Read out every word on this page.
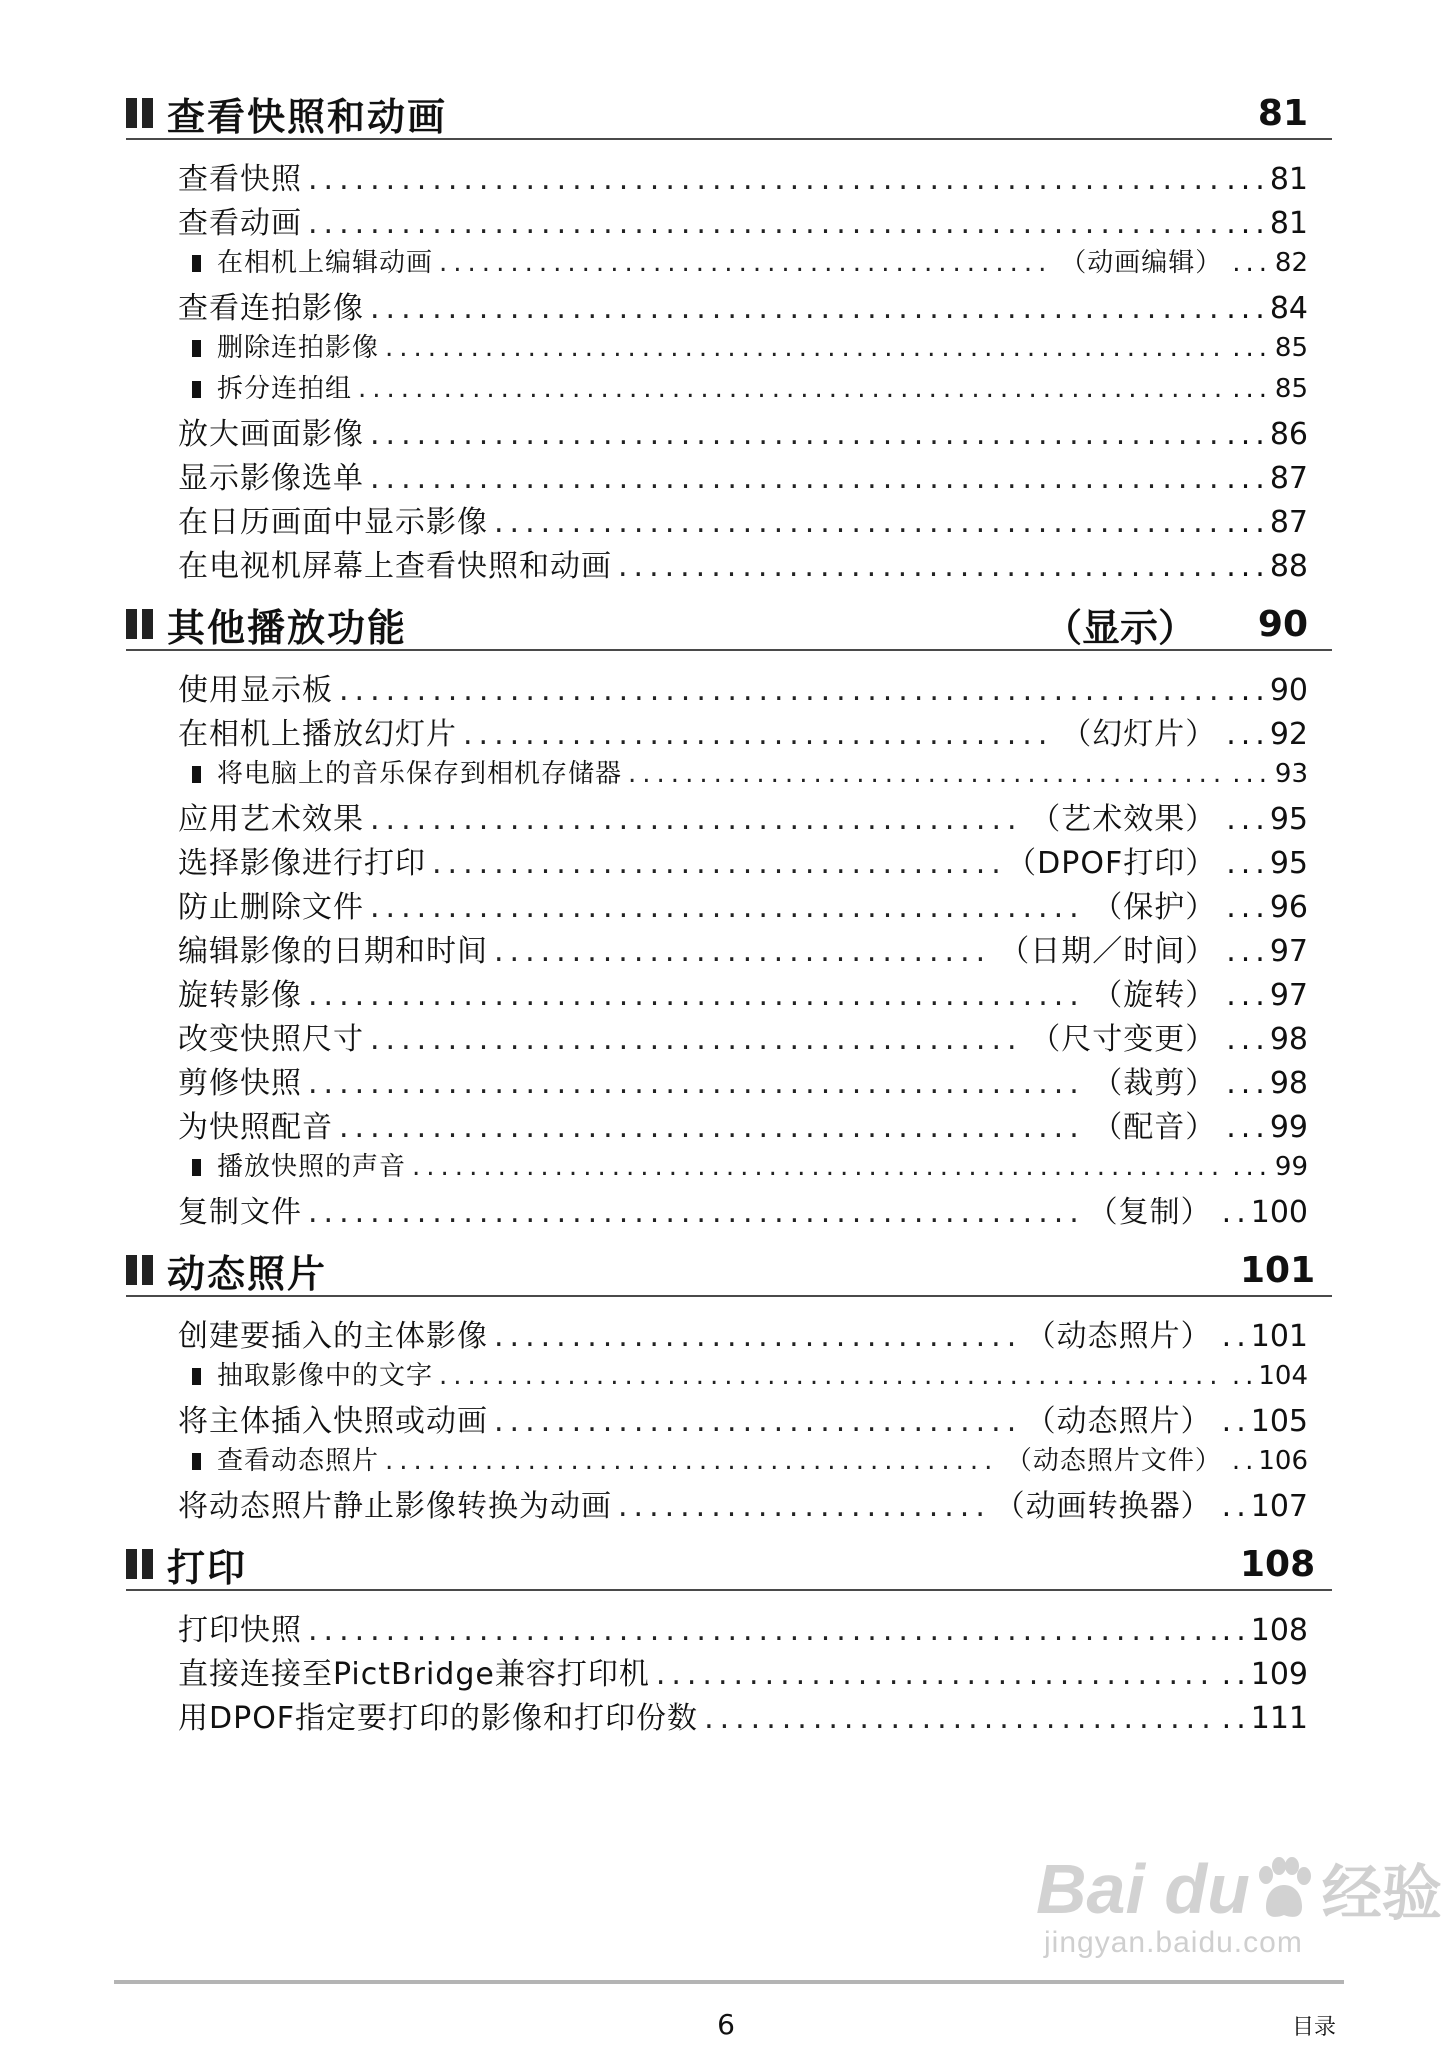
查看快照和动画	81
查看快照 .....	... 81
查看动画 .....	... 81
在相机上编辑动画 .....	（动画编辑） ... 82
查看连拍影像 .....	... 84
删除连拍影像 .....	... 85
拆分连拍组 .....	... 85
放大画面影像 .....	... 86
显示影像选单 .....	... 87
在日历画面中显示影像 .....	... 87
在电视机屏幕上查看快照和动画 .....	... 88
其他播放功能	（显示）	90
使用显示板 .....	... 90
在相机上播放幻灯片 .....	（幻灯片） ... 92
将电脑上的音乐保存到相机存储器 .....	... 93
应用艺术效果 .....	（艺术效果） ... 95
选择影像进行打印 .....	（DPOF打印） ... 95
防止删除文件 .....	（保护） ... 96
编辑影像的日期和时间 .....	（日期／时间） ... 97
旋转影像 .....	（旋转） ... 97
改变快照尺寸 .....	（尺寸变更） ... 98
剪修快照 .....	（裁剪） ... 98
为快照配音 .....	（配音） ... 99
播放快照的声音 .....	... 99
复制文件 .....	（复制） .. 100
动态照片	101
创建要插入的主体影像 .....	（动态照片） .. 101
抽取影像中的文字 .....	.. 104
将主体插入快照或动画 .....	（动态照片） .. 105
查看动态照片 .....	（动态照片文件） .. 106
将动态照片静止影像转换为动画 .....	（动画转换器） .. 107
打印	108
打印快照 .....	.. 108
直接连接至PictBridge兼容打印机 .....	.. 109
用DPOF指定要打印的影像和打印份数 .....	.. 111
6	目录
Bai du 经验
jingyan.baidu.com
